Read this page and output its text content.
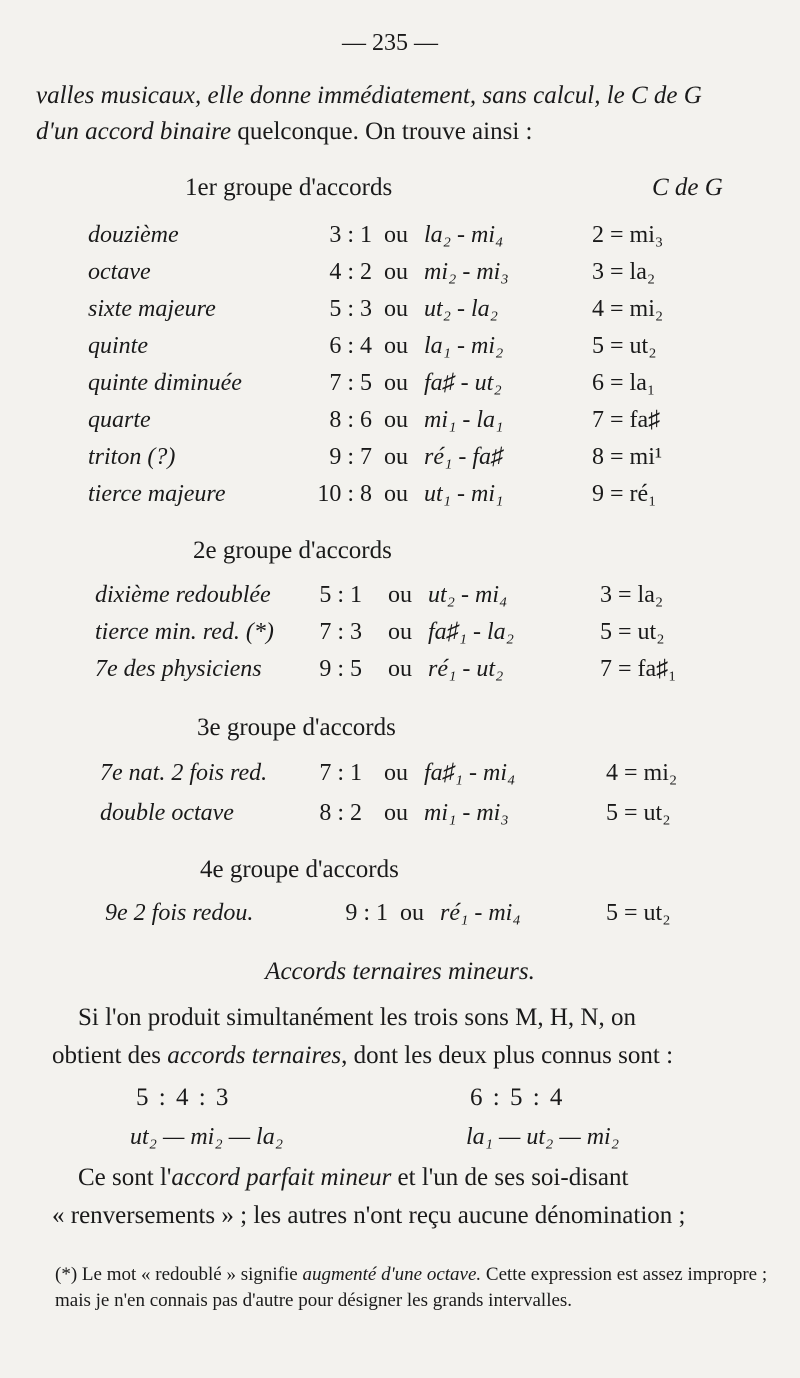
— 235 —
valles musicaux, elle donne immédiatement, sans calcul, le C de G
d'un accord binaire quelconque. On trouve ainsi :
1er groupe d'accords	C de G
douzième	3 : 1 ou la₂ - mi₄	2 = mi₃
octave	4 : 2 ou mi₂ - mi₃	3 = la₂
sixte majeure	5 : 3 ou ut₂ - la₂	4 = mi₂
quinte	6 : 4 ou la₁ - mi₂	5 = ut₂
quinte diminuée	7 : 5 ou fa♯ - ut₂	6 = la₁
quarte	8 : 6 ou mi₁ - la₁	7 = fa♯
triton (?)	9 : 7 ou ré₁ - fa♯	8 = mi¹
tierce majeure	10 : 8 ou ut₁ - mi₁	9 = ré₁
2e groupe d'accords
dixième redoublée 5 : 1 ou ut₂ - mi₄	3 = la₂
tierce min. red. (*) 7 : 3 ou fa♯₁ - la₂	5 = ut₂
7e des physiciens 9 : 5 ou ré₁ - ut₂	7 = fa♯₁
3e groupe d'accords
7e nat. 2 fois red. 7 : 1 ou fa♯₁ - mi₄	4 = mi₂
double octave	8 : 2 ou mi₁ - mi₃	5 = ut₂
4e groupe d'accords
9e 2 fois redou.	9 : 1 ou ré₁ - mi₄	5 = ut₂
Accords ternaires mineurs.
Si l'on produit simultanément les trois sons M, H, N, on
obtient des accords ternaires, dont les deux plus connus sont :
5 : 4 : 3	6 : 5 : 4
ut₂ — mi₂ — la₂	la₁ — ut₂ — mi₂
Ce sont l'accord parfait mineur et l'un de ses soi-disant
« renversements » ; les autres n'ont reçu aucune dénomination ;
(*) Le mot « redoublé » signifie augmenté d'une octave. Cette expression est assez impropre ; mais je n'en connais pas d'autre pour désigner les grands intervalles.
